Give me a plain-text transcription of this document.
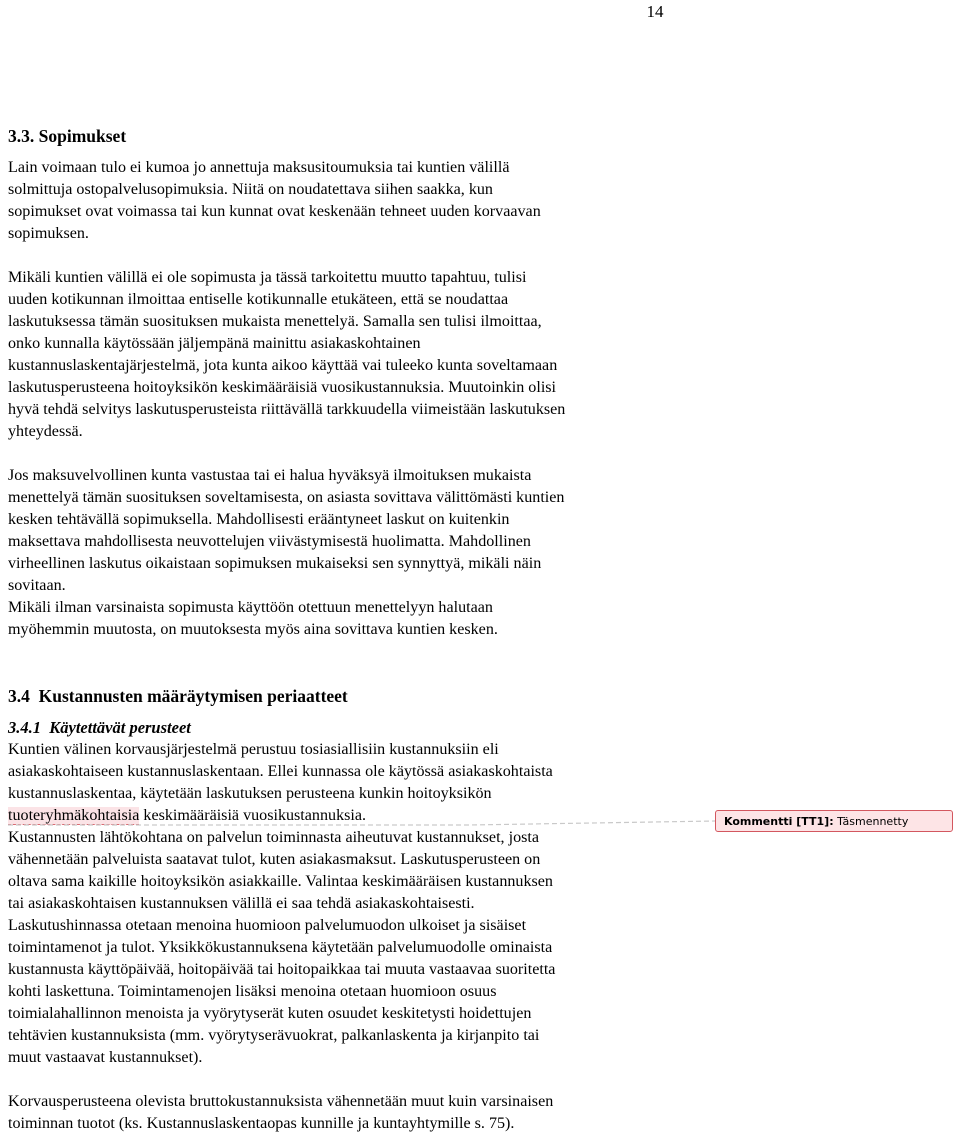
14

3.3. Sopimukset

Lain voimaan tulo ei kumoa jo annettuja maksusitoumuksia tai kuntien välillä
solmittuja ostopalvelusopimuksia. Niitä on noudatettava siihen saakka, kun
sopimukset ovat voimassa tai kun kunnat ovat keskenään tehneet uuden korvaavan
sopimuksen.

Mikäli kuntien välillä ei ole sopimusta ja tässä tarkoitettu muutto tapahtuu, tulisi
uuden kotikunnan ilmoittaa entiselle kotikunnalle etukäteen, että se noudattaa
laskutuksessa tämän suosituksen mukaista menettelyä. Samalla sen tulisi ilmoittaa,
onko kunnalla käytössään jäljempänä mainittu asiakaskohtainen
kustannuslaskentajärjestelmä, jota kunta aikoo käyttää vai tuleeko kunta soveltamaan
laskutusperusteena hoitoyksikön keskimääräisiä vuosikustannuksia. Muutoinkin olisi
hyvä tehdä selvitys laskutusperusteista riittävällä tarkkuudella viimeistään laskutuksen
yhteydessä.

Jos maksuvelvollinen kunta vastustaa tai ei halua hyväksyä ilmoituksen mukaista
menettelyä tämän suosituksen soveltamisesta, on asiasta sovittava välittömästi kuntien
kesken tehtävällä sopimuksella. Mahdollisesti erääntyneet laskut on kuitenkin
maksettava mahdollisesta neuvottelujen viivästymisestä huolimatta. Mahdollinen
virheellinen laskutus oikaistaan sopimuksen mukaiseksi sen synnyttyä, mikäli näin
sovitaan.
Mikäli ilman varsinaista sopimusta käyttöön otettuun menettelyyn halutaan
myöhemmin muutosta, on muutoksesta myös aina sovittava kuntien kesken.

3.4  Kustannusten määräytymisen periaatteet

3.4.1  Käytettävät perusteet

Kuntien välinen korvausjärjestelmä perustuu tosiasiallisiin kustannuksiin eli
asiakaskohtaiseen kustannuslaskentaan. Ellei kunnassa ole käytössä asiakaskohtaista
kustannuslaskentaa, käytetään laskutuksen perusteena kunkin hoitoyksikön
tuoteryhmäkohtaisia keskimääräisiä vuosikustannuksia.
Kustannusten lähtökohtana on palvelun toiminnasta aiheutuvat kustannukset, josta
vähennetään palveluista saatavat tulot, kuten asiakasmaksut. Laskutusperusteen on
oltava sama kaikille hoitoyksikön asiakkaille. Valintaa keskimääräisen kustannuksen
tai asiakaskohtaisen kustannuksen välillä ei saa tehdä asiakaskohtaisesti.
Laskutushinnassa otetaan menoina huomioon palvelumuodon ulkoiset ja sisäiset
toimintamenot ja tulot. Yksikkökustannuksena käytetään palvelumuodolle ominaista
kustannusta käyttöpäivää, hoitopäivää tai hoitopaikkaa tai muuta vastaavaa suoritetta
kohti laskettuna. Toimintamenojen lisäksi menoina otetaan huomioon osuus
toimialahallinnon menoista ja vyörytyserät kuten osuudet keskitetysti hoidettujen
tehtävien kustannuksista (mm. vyörytyserävuokrat, palkanlaskenta ja kirjanpito tai
muut vastaavat kustannukset).

Korvausperusteena olevista bruttokustannuksista vähennetään muut kuin varsinaisen
toiminnan tuotot (ks. Kustannuslaskentaopas kunnille ja kuntayhtymille s. 75).

Kommentti [TT1]: Täsmennetty
